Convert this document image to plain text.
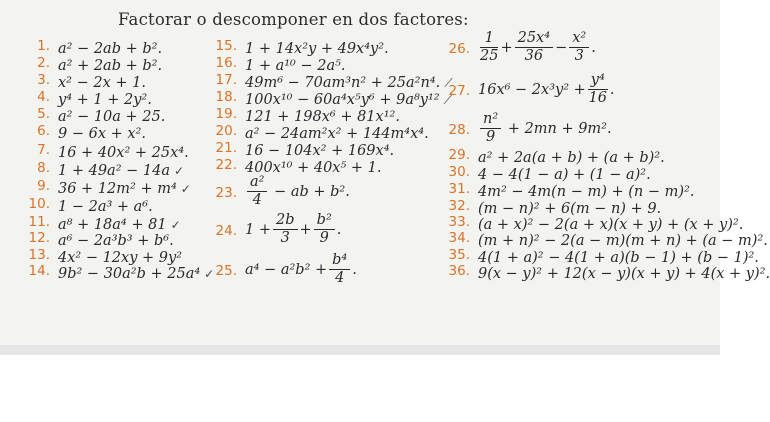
Factorar o descomponer en dos factores:
1. a² − 2ab + b².
2. a² + 2ab + b².
3. x² − 2x + 1.
4. y⁴ + 1 + 2y².
5. a² − 10a + 25.
6. 9 − 6x + x².
7. 16 + 40x² + 25x⁴.
8. 1 + 49a² − 14a ✓
9. 36 + 12m² + m⁴ ✓
10. 1 − 2a³ + a⁶.
11. a⁸ + 18a⁴ + 81 ✓
12. a⁶ − 2a³b³ + b⁶.
13. 4x² − 12xy + 9y²
14. 9b² − 30a²b + 25a⁴ ✓
15. 1 + 14x²y + 49x⁴y².
16. 1 + a¹⁰ − 2a⁵.
17. 49m⁶ − 70am³n² + 25a²n⁴. ⟋
18. 100x¹⁰ − 60a⁴x⁵y⁶ + 9a⁸y¹² ⟋
19. 121 + 198x⁶ + 81x¹².
20. a² − 24am²x² + 144m⁴x⁴.
21. 16 − 104x² + 169x⁴.
22. 400x¹⁰ + 40x⁵ + 1.
23. $\frac{\text{a²}}{4}$ − ab + b².
24. $1 + \frac{2b}{3} + \frac{\text{b²}}{9}$ .
25. $a^4 - a^2b^2 + \frac{\text{b⁴}}{4}$ .
26. $\frac{1}{25} + \frac{\text{25x⁴}}{36} - \frac{\text{x²}}{3}$ .
27. $16x^6 - 2x^3y^2 + \frac{\text{y⁴}}{16}$ .
28. $\frac{\text{n²}}{9} + 2mn + 9m^2$.
29. a² + 2a(a + b) + (a + b)².
30. 4 − 4(1 − a) + (1 − a)².
31. 4m² − 4m(n − m) + (n − m)².
32. (m − n)² + 6(m − n) + 9.
33. (a + x)² − 2(a + x)(x + y) + (x + y)².
34. (m + n)² − 2(a − m)(m + n) + (a − m)².
35. 4(1 + a)² − 4(1 + a)(b − 1) + (b − 1)².
36. 9(x − y)² + 12(x − y)(x + y) + 4(x + y)².
